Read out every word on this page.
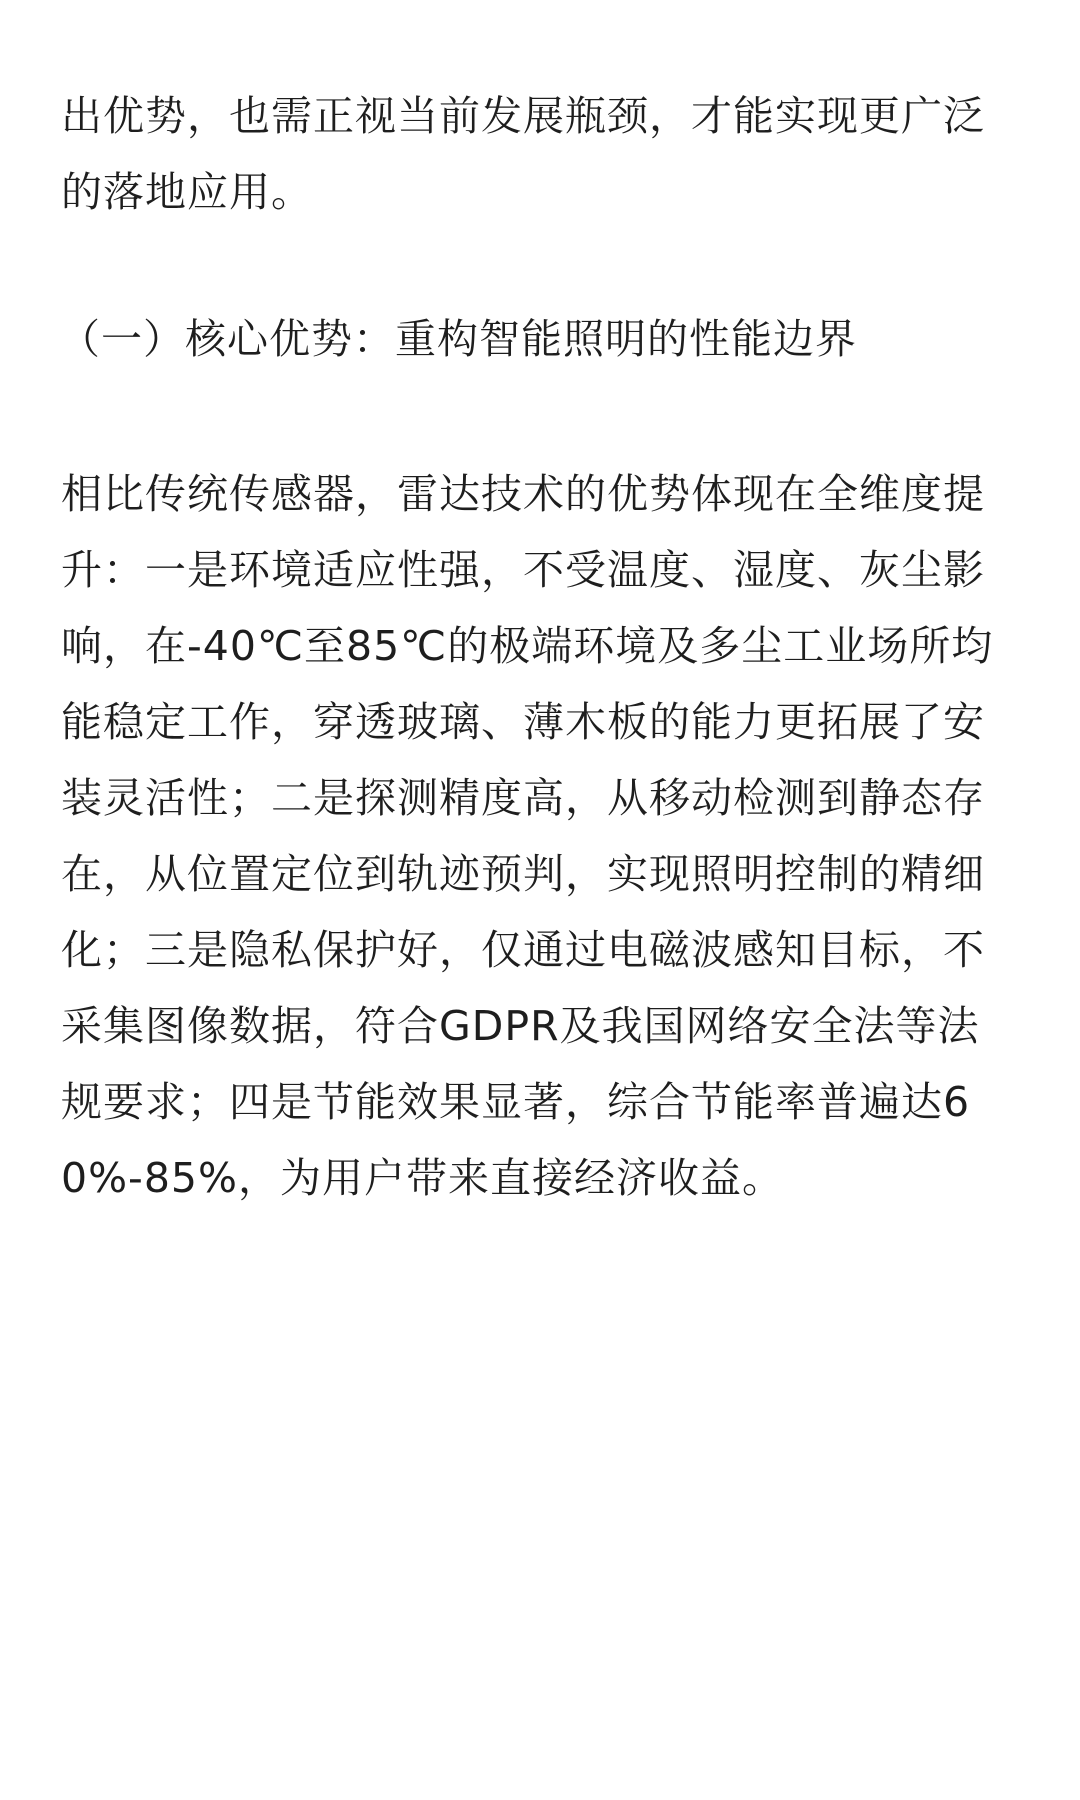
出优势，也需正视当前发展瓶颈，才能实现更广泛
的落地应用。
（一）核心优势：重构智能照明的性能边界
相比传统传感器，雷达技术的优势体现在全维度提
升：一是环境适应性强，不受温度、湿度、灰尘影
响，在-40℃至85℃的极端环境及多尘工业场所均
能稳定工作，穿透玻璃、薄木板的能力更拓展了安
装灵活性；二是探测精度高，从移动检测到静态存
在，从位置定位到轨迹预判，实现照明控制的精细
化；三是隐私保护好，仅通过电磁波感知目标，不
采集图像数据，符合GDPR及我国网络安全法等法
规要求；四是节能效果显著，综合节能率普遍达6
0%-85%，为用户带来直接经济收益。
